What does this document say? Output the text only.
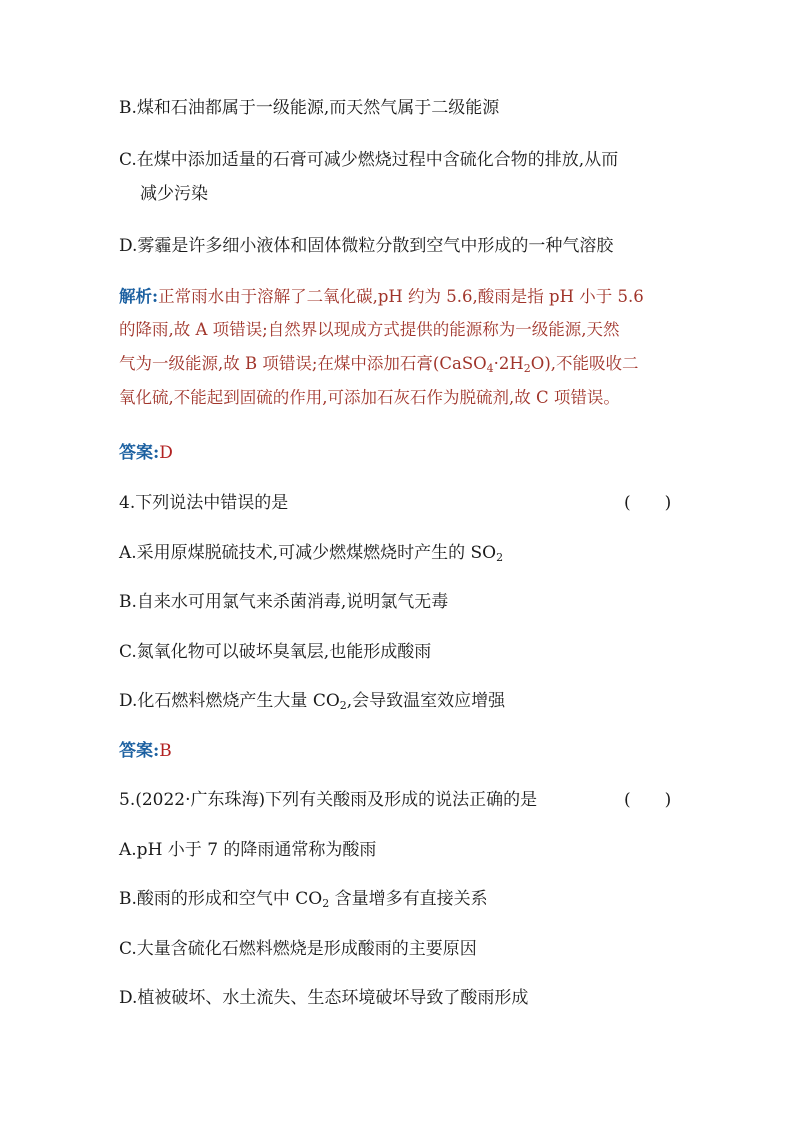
B.煤和石油都属于一级能源,而天然气属于二级能源

C.在煤中添加适量的石膏可减少燃烧过程中含硫化合物的排放,从而

减少污染

D.雾霾是许多细小液体和固体微粒分散到空气中形成的一种气溶胶

解析:正常雨水由于溶解了二氧化碳,pH 约为 5.6,酸雨是指 pH 小于 5.6

的降雨,故 A 项错误;自然界以现成方式提供的能源称为一级能源,天然

气为一级能源,故 B 项错误;在煤中添加石膏$(CaSO_4\cdot 2H_2O)$,不能吸收二

氧化硫,不能起到固硫的作用,可添加石灰石作为脱硫剂,故 C 项错误。

答案:D

4.下列说法中错误的是	(　　)

A.采用原煤脱硫技术,可减少燃煤燃烧时产生的 $SO_2$

B.自来水可用氯气来杀菌消毒,说明氯气无毒

C.氮氧化物可以破坏臭氧层,也能形成酸雨

D.化石燃料燃烧产生大量 $CO_2$,会导致温室效应增强

答案:B

5.(2022·广东珠海)下列有关酸雨及形成的说法正确的是	(　　)

A.pH 小于 7 的降雨通常称为酸雨

B.酸雨的形成和空气中 $CO_2$ 含量增多有直接关系

C.大量含硫化石燃料燃烧是形成酸雨的主要原因

D.植被破坏、水土流失、生态环境破坏导致了酸雨形成
